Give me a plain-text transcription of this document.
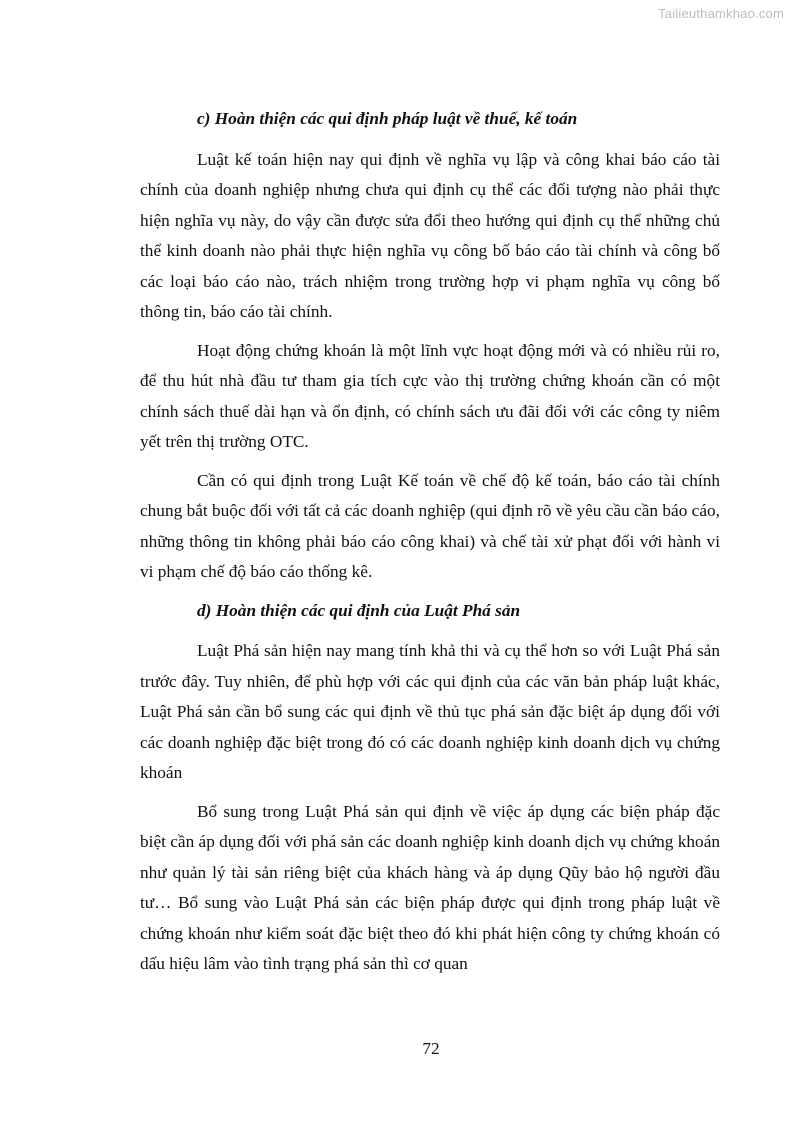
Tailieuthamkhao.com

c) Hoàn thiện các qui định pháp luật về thuế, kế toán

Luật kế toán hiện nay qui định về nghĩa vụ lập và công khai báo cáo tài chính của doanh nghiệp nhưng chưa qui định cụ thể các đối tượng nào phải thực hiện nghĩa vụ này, do vậy cần được sửa đổi theo hướng qui định cụ thể những chủ thể kinh doanh nào phải thực hiện nghĩa vụ công bố báo cáo tài chính và công bố các loại báo cáo nào, trách nhiệm trong trường hợp vi phạm nghĩa vụ công bố thông tin, báo cáo tài chính.

Hoạt động chứng khoán là một lĩnh vực hoạt động mới và có nhiều rủi ro, để thu hút nhà đầu tư tham gia tích cực vào thị trường chứng khoán cần có một chính sách thuế dài hạn và ổn định, có chính sách ưu đãi đối với các công ty niêm yết trên thị trường OTC.

Cần có qui định trong Luật Kế toán về chế độ kế toán, báo cáo tài chính chung bắt buộc đối với tất cả các doanh nghiệp (qui định rõ về yêu cầu cần báo cáo, những thông tin không phải báo cáo công khai) và chế tài xử phạt đối với hành vi vi phạm chế độ báo cáo thống kê.

d) Hoàn thiện các qui định của Luật Phá sản

Luật Phá sản hiện nay mang tính khả thi và cụ thể hơn so với Luật Phá sản trước đây. Tuy nhiên, để phù hợp với các qui định của các văn bản pháp luật khác, Luật Phá sản cần bổ sung các qui định về thủ tục phá sản đặc biệt áp dụng đối với các doanh nghiệp đặc biệt trong đó có các doanh nghiệp kinh doanh dịch vụ chứng khoán

Bổ sung trong Luật Phá sản qui định về việc áp dụng các biện pháp đặc biệt cần áp dụng đối với phá sản các doanh nghiệp kinh doanh dịch vụ chứng khoán như quản lý tài sản riêng biệt của khách hàng và áp dụng Qũy bảo hộ người đầu tư… Bổ sung vào Luật Phá sản các biện pháp được qui định trong pháp luật về chứng khoán như kiểm soát đặc biệt theo đó khi phát hiện công ty chứng khoán có dấu hiệu lâm vào tình trạng phá sản thì cơ quan

72
